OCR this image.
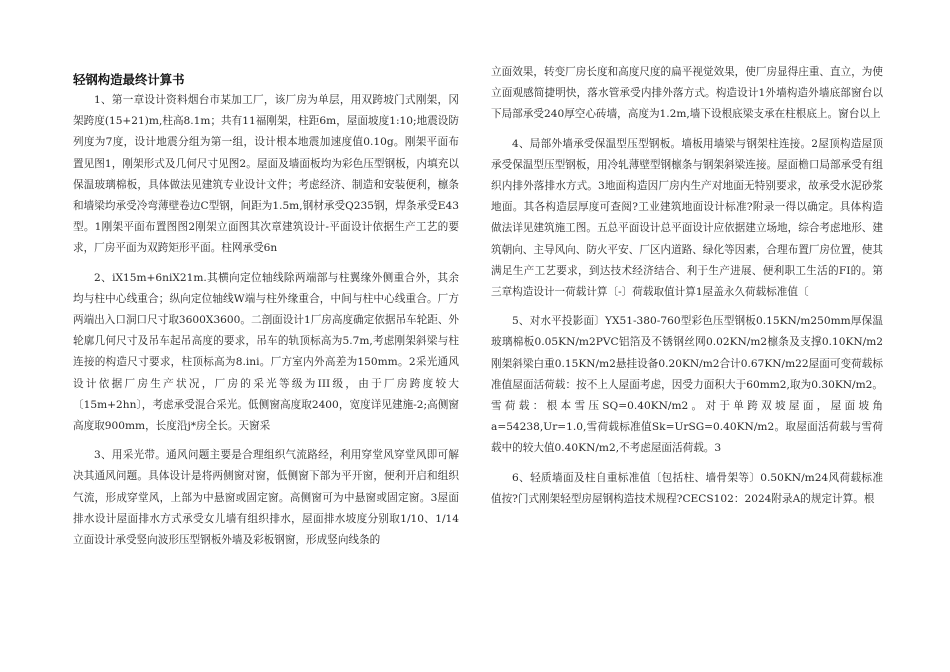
轻钢构造最终计算书

1、第一章设计资料烟台市某加工厂，该厂房为单层，用双跨坡门式刚架，冈架跨度(15+21)m,柱高8.1m；共有11福刚架，柱距6m，屋面坡度1:10;地震设防列度为7度，设计地震分组为第一组，设计根本地震加速度值0.10g。刚架平面布置见图1，刚架形式及几何尺寸见图2。屋面及墙面板均为彩色压型钢板，内填充以保温玻璃棉板，具体做法见建筑专业设计文件；考虑经济、制造和安装便利，檩条和墙梁均承受冷弯薄壁卷边C型钢，间距为1.5m,钢材承受Q235钢，焊条承受E43型。1刚架平面布置图图2刚架立面图其次章建筑设计-平面设计依据生产工艺的要求，厂房平面为双跨矩形平面。柱网承受6n

2、iX15m+6niX21m.其横向定位轴线除两端部与柱翼缘外侧重合外，其余均与柱中心线重合；纵向定位轴线W端与柱外缘重合，中间与柱中心线重合。厂方两端出入口洞口尺寸取3600X3600。二剖面设计1厂房高度确定依据吊车轮距、外轮廓几何尺寸及吊车起吊高度的要求，吊车的轨顶标高为5.7m,考虑刚架斜梁与柱连接的构造尺寸要求，柱顶标高为8.ini。厂方室内外高差为150mm。2采光通风设计依据厂房生产状况，厂房的采光等级为III级，由于厂房跨度较大〔15m+2hn〕，考虑承受混合采光。低侧窗高度取2400，宽度详见建施-2;高侧窗高度取900mm，长度沿j*房全长。天窗采

3、用采光带。通风问题主要是合理组织气流路经，利用穿堂风穿堂风即可解决其通风问题。具体设计是将两侧窗对窗，低侧窗下部为平开窗，便利开启和组织气流，形成穿堂风，上部为中悬窗或固定窗。高侧窗可为中悬窗或固定窗。3屋面排水设计屋面排水方式承受女儿墙有组织排水，屋面排水坡度分别取1/10、1/14立面设计承受竖向波形压型钢板外墙及彩板钢窗，形成竖向线条的

立面效果，转变厂房长度和高度尺度的扁平视觉效果，使厂房显得庄重、直立，为使立面观感简捷明快，落水管承受内排外落方式。构造设计1外墙构造外墙底部窗台以下局部承受240厚空心砖墙，高度为1.2m,墙下设根底梁支承在柱根底上。窗台以上

4、局部外墙承受保温型压型钢板。墙板用墙梁与钢架柱连接。2屋顶构造屋顶承受保温型压型钢板，用冷轧薄壁型钢檩条与钢架斜梁连接。屋面檐口局部承受有组织内排外落排水方式。3地面构造因厂房内生产对地面无特别要求，故承受水泥砂浆地面。其各构造层厚度可查阅?工业建筑地面设计标准?附录一得以确定。具体构造做法详见建筑施工图。五总平面设计总平面设计应依据建立场地，综合考虑地形、建筑朝向、主导风向、防火平安、厂区内道路、绿化等因素，合理布置厂房位置，使其满足生产工艺要求，到达技术经济结合、利于生产进展、便利职工生活的FI的。第三章构造设计一荷载计算〔-〕荷载取值计算1屋盖永久荷载标准值〔

5、对水平投影面〕YX51-380-760型彩色压型钢板0.15KN/m250mm厚保温玻璃棉板0.05KN/m2PVC铝箔及不锈钢丝网0.02KN/m2檩条及支撑0.10KN/m2刚架斜梁白重0.15KN/m2悬挂设备0.20KN/m2合计0.67KN/m22屋面可变荷载标准值屋面活荷载：按不上人屋面考虑，因受力面积大于60mm2,取为0.30KN/m2。雪荷载：根本雪压SQ=0.40KN/m2。对于单跨双坡屋面，屋面坡角a=54238,Ur=1.0,雪荷载标准值Sk=UrSG=0.40KN/m2。取屋面活荷载与雪荷载中的较大值0.40KN/m2,不考虑屋面活荷载。3

6、轻质墙面及柱自重标准值〔包括柱、墙骨架等〕0.50KN/m24风荷载标准值按?门式刚架轻型房屋钢构造技术规程?CECS102：2024附录A的规定计算。根
